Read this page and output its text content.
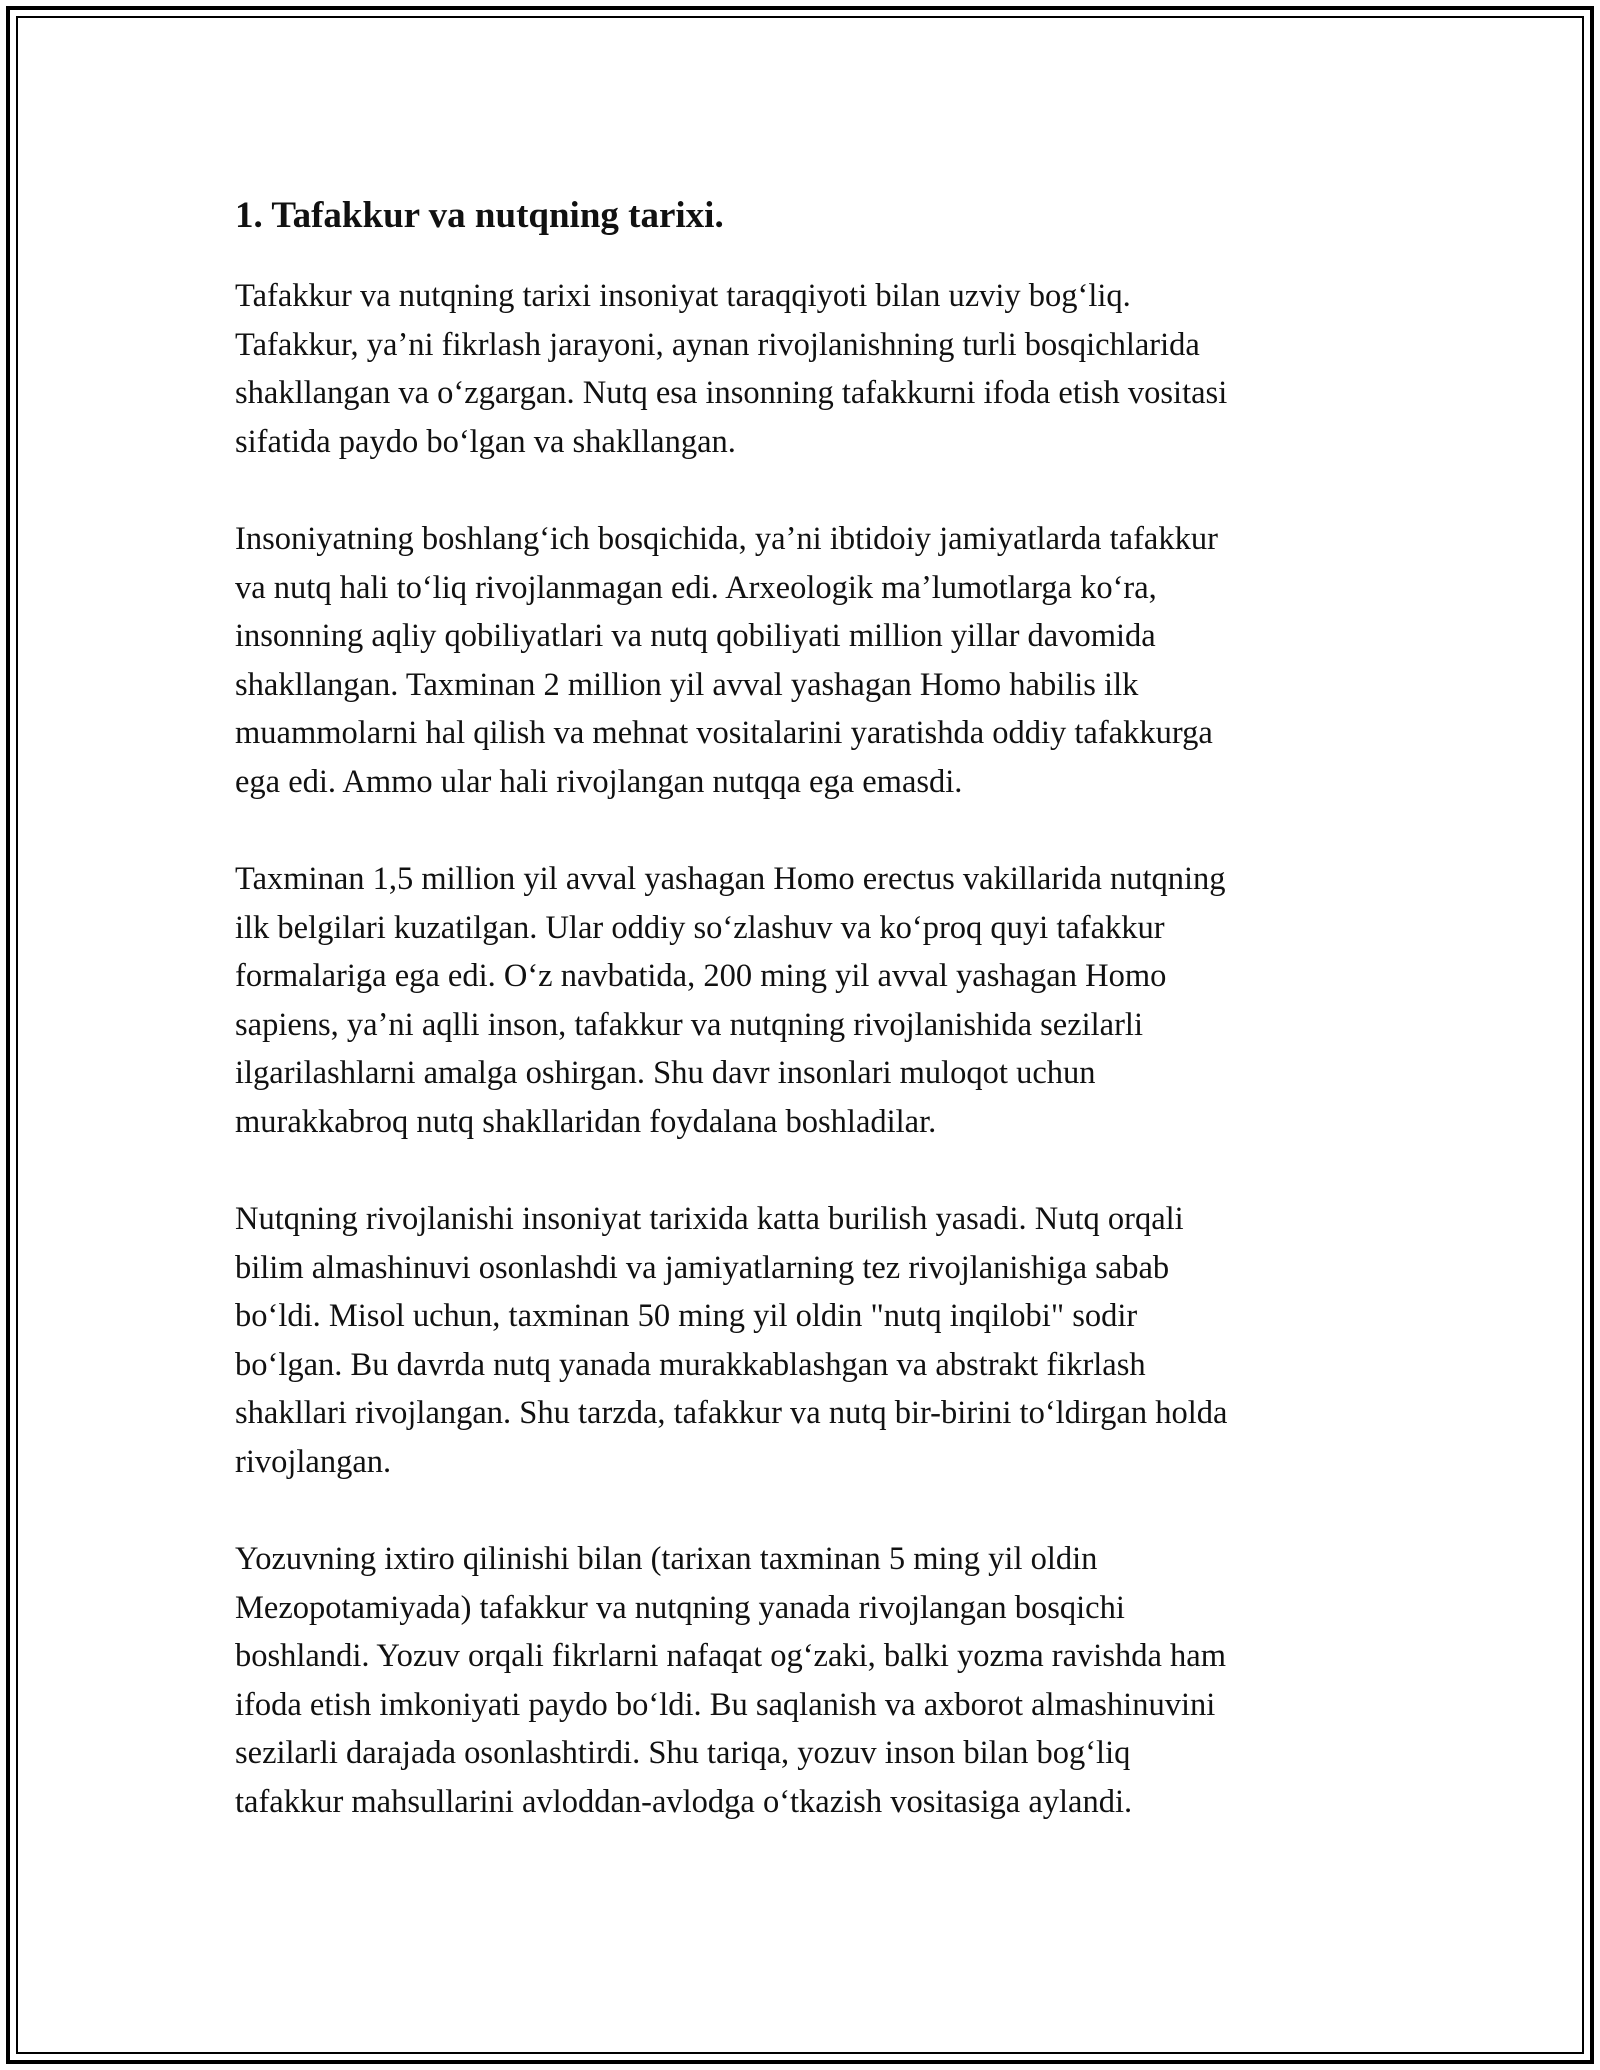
1. Tafakkur va nutqning tarixi.

Tafakkur va nutqning tarixi insoniyat taraqqiyoti bilan uzviy bogʻliq.
Tafakkur, yaʼni fikrlash jarayoni, aynan rivojlanishning turli bosqichlarida
shakllangan va oʻzgargan. Nutq esa insonning tafakkurni ifoda etish vositasi
sifatida paydo boʻlgan va shakllangan.

Insoniyatning boshlangʻich bosqichida, yaʼni ibtidoiy jamiyatlarda tafakkur
va nutq hali toʻliq rivojlanmagan edi. Arxeologik maʼlumotlarga koʻra,
insonning aqliy qobiliyatlari va nutq qobiliyati million yillar davomida
shakllangan. Taxminan 2 million yil avval yashagan Homo habilis ilk
muammolarni hal qilish va mehnat vositalarini yaratishda oddiy tafakkurga
ega edi. Ammo ular hali rivojlangan nutqqa ega emasdi.

Taxminan 1,5 million yil avval yashagan Homo erectus vakillarida nutqning
ilk belgilari kuzatilgan. Ular oddiy soʻzlashuv va koʻproq quyi tafakkur
formalariga ega edi. Oʻz navbatida, 200 ming yil avval yashagan Homo
sapiens, yaʼni aqlli inson, tafakkur va nutqning rivojlanishida sezilarli
ilgarilashlarni amalga oshirgan. Shu davr insonlari muloqot uchun
murakkabroq nutq shakllaridan foydalana boshladilar.

Nutqning rivojlanishi insoniyat tarixida katta burilish yasadi. Nutq orqali
bilim almashinuvi osonlashdi va jamiyatlarning tez rivojlanishiga sabab
boʻldi. Misol uchun, taxminan 50 ming yil oldin "nutq inqilobi" sodir
boʻlgan. Bu davrda nutq yanada murakkablashgan va abstrakt fikrlash
shakllari rivojlangan. Shu tarzda, tafakkur va nutq bir-birini toʻldirgan holda
rivojlangan.

Yozuvning ixtiro qilinishi bilan (tarixan taxminan 5 ming yil oldin
Mezopotamiyada) tafakkur va nutqning yanada rivojlangan bosqichi
boshlandi. Yozuv orqali fikrlarni nafaqat ogʻzaki, balki yozma ravishda ham
ifoda etish imkoniyati paydo boʻldi. Bu saqlanish va axborot almashinuvini
sezilarli darajada osonlashtirdi. Shu tariqa, yozuv inson bilan bogʻliq
tafakkur mahsullarini avloddan-avlodga oʻtkazish vositasiga aylandi.
